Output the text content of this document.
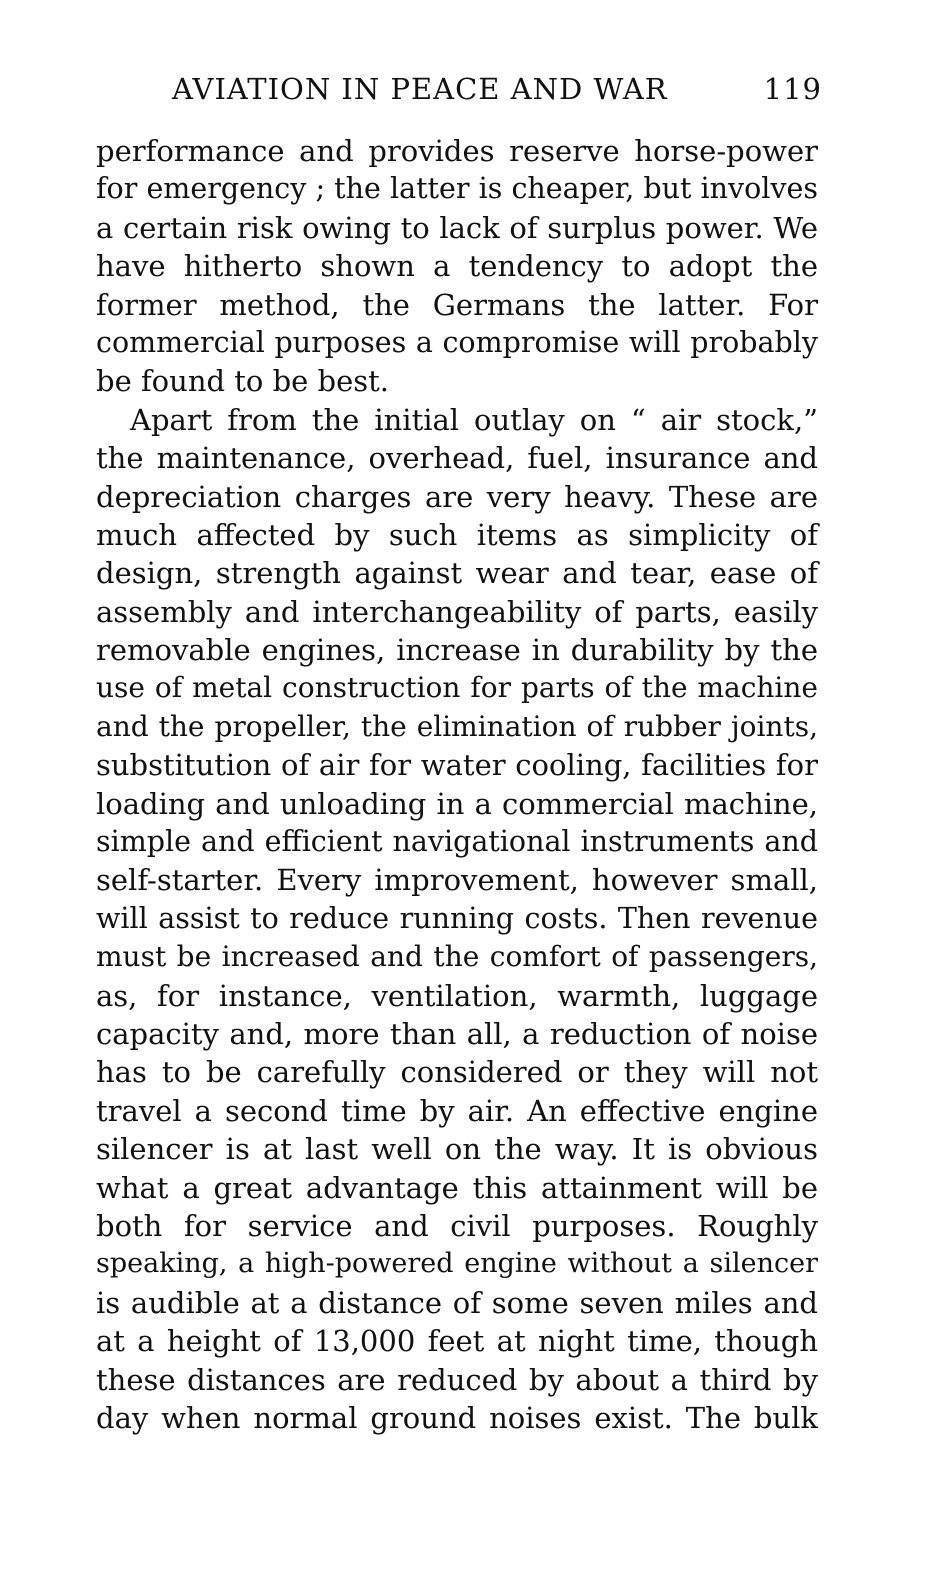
AVIATION IN PEACE AND WAR	119
performance and provides reserve horse-power
for emergency ; the latter is cheaper, but involves
a certain risk owing to lack of surplus power. We
have hitherto shown a tendency to adopt the
former method, the Germans the latter. For
commercial purposes a compromise will probably
be found to be best.
Apart from the initial outlay on “ air stock,”
the maintenance, overhead, fuel, insurance and
depreciation charges are very heavy. These are
much affected by such items as simplicity of
design, strength against wear and tear, ease of
assembly and interchangeability of parts, easily
removable engines, increase in durability by the
use of metal construction for parts of the machine
and the propeller, the elimination of rubber joints,
substitution of air for water cooling, facilities for
loading and unloading in a commercial machine,
simple and efficient navigational instruments and
self-starter. Every improvement, however small,
will assist to reduce running costs. Then revenue
must be increased and the comfort of passengers,
as, for instance, ventilation, warmth, luggage
capacity and, more than all, a reduction of noise
has to be carefully considered or they will not
travel a second time by air. An effective engine
silencer is at last well on the way. It is obvious
what a great advantage this attainment will be
both for service and civil purposes. Roughly
speaking, a high-powered engine without a silencer
is audible at a distance of some seven miles and
at a height of 13,000 feet at night time, though
these distances are reduced by about a third by
day when normal ground noises exist. The bulk
